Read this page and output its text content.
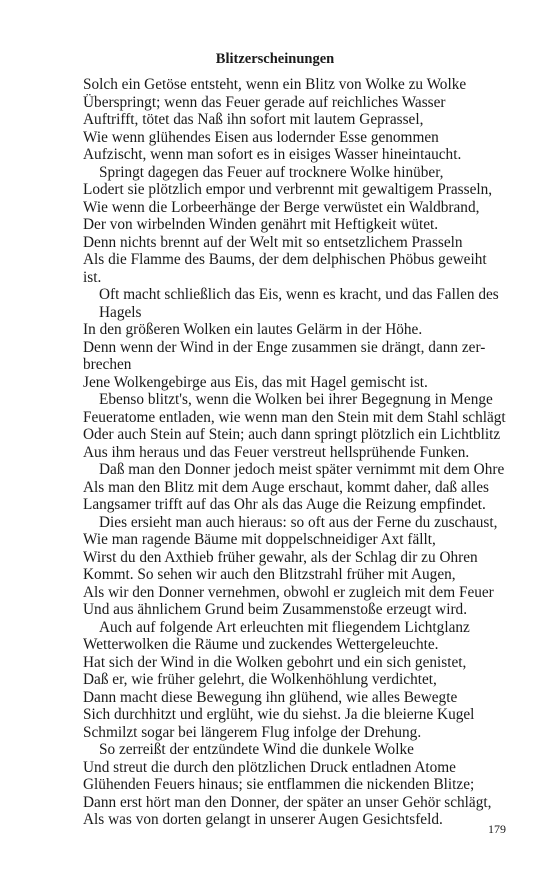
Blitzerscheinungen
Solch ein Getöse entsteht, wenn ein Blitz von Wolke zu Wolke
Überspringt; wenn das Feuer gerade auf reichliches Wasser
Auftrifft, tötet das Naß ihn sofort mit lautem Geprassel,
Wie wenn glühendes Eisen aus lodernder Esse genommen
Aufzischt, wenn man sofort es in eisiges Wasser hineintaucht.
Springt dagegen das Feuer auf trocknere Wolke hinüber,
Lodert sie plötzlich empor und verbrennt mit gewaltigem Prasseln,
Wie wenn die Lorbeerhänge der Berge verwüstet ein Waldbrand,
Der von wirbelnden Winden genährt mit Heftigkeit wütet.
Denn nichts brennt auf der Welt mit so entsetzlichem Prasseln
Als die Flamme des Baums, der dem delphischen Phöbus geweiht
ist.
Oft macht schließlich das Eis, wenn es kracht, und das Fallen des
Hagels
In den größeren Wolken ein lautes Gelärm in der Höhe.
Denn wenn der Wind in der Enge zusammen sie drängt, dann zer-
brechen
Jene Wolkengebirge aus Eis, das mit Hagel gemischt ist.
Ebenso blitzt's, wenn die Wolken bei ihrer Begegnung in Menge
Feueratome entladen, wie wenn man den Stein mit dem Stahl schlägt
Oder auch Stein auf Stein; auch dann springt plötzlich ein Lichtblitz
Aus ihm heraus und das Feuer verstreut hellsprühende Funken.
Daß man den Donner jedoch meist später vernimmt mit dem Ohre
Als man den Blitz mit dem Auge erschaut, kommt daher, daß alles
Langsamer trifft auf das Ohr als das Auge die Reizung empfindet.
Dies ersieht man auch hieraus: so oft aus der Ferne du zuschaust,
Wie man ragende Bäume mit doppelschneidiger Axt fällt,
Wirst du den Axthieb früher gewahr, als der Schlag dir zu Ohren
Kommt. So sehen wir auch den Blitzstrahl früher mit Augen,
Als wir den Donner vernehmen, obwohl er zugleich mit dem Feuer
Und aus ähnlichem Grund beim Zusammenstoße erzeugt wird.
Auch auf folgende Art erleuchten mit fliegendem Lichtglanz
Wetterwolken die Räume und zuckendes Wettergeleuchte.
Hat sich der Wind in die Wolken gebohrt und ein sich genistet,
Daß er, wie früher gelehrt, die Wolkenhöhlung verdichtet,
Dann macht diese Bewegung ihn glühend, wie alles Bewegte
Sich durchhitzt und erglüht, wie du siehst. Ja die bleierne Kugel
Schmilzt sogar bei längerem Flug infolge der Drehung.
So zerreißt der entzündete Wind die dunkele Wolke
Und streut die durch den plötzlichen Druck entladnen Atome
Glühenden Feuers hinaus; sie entflammen die nickenden Blitze;
Dann erst hört man den Donner, der später an unser Gehör schlägt,
Als was von dorten gelangt in unserer Augen Gesichtsfeld.
179
